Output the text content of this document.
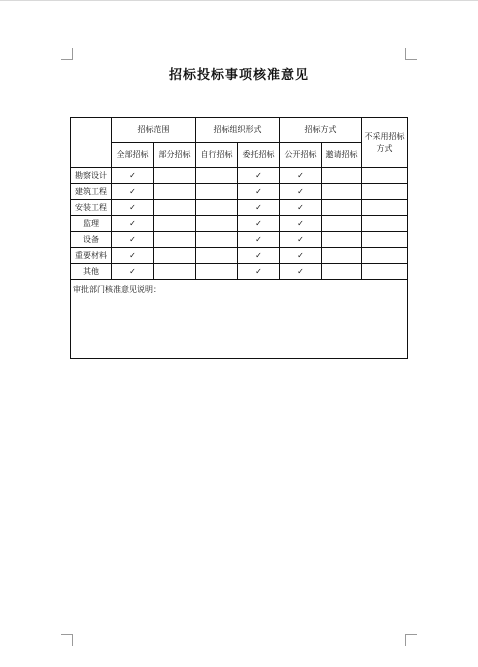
招标投标事项核准意见
	招标范围		招标组织形式		招标方式		不采用招标方式
	全部招标	部分招标	自行招标	委托招标	公开招标	邀请招标	
勘察设计	✓			✓	✓		
建筑工程	✓			✓	✓		
安装工程	✓			✓	✓		
监理	✓			✓	✓		
设备	✓			✓	✓		
重要材料	✓			✓	✓		
其他	✓			✓	✓		
审批部门核准意见说明：							
